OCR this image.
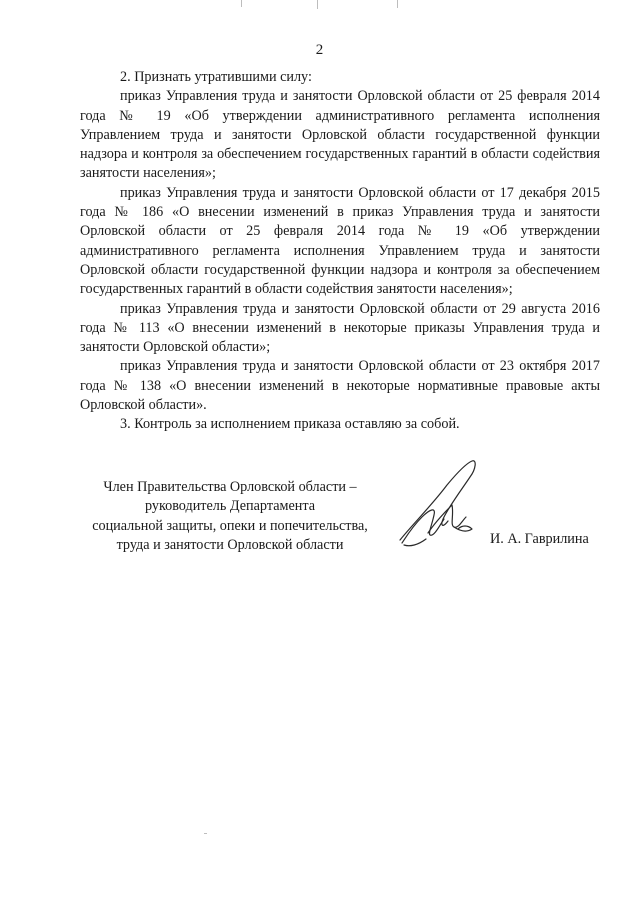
2

2. Признать утратившими силу:

приказ Управления труда и занятости Орловской области от 25 февраля 2014 года № 19 «Об утверждении административного регламента исполнения Управлением труда и занятости Орловской области государственной функции надзора и контроля за обеспечением государственных гарантий в области содействия занятости населения»;

приказ Управления труда и занятости Орловской области от 17 декабря 2015 года № 186 «О внесении изменений в приказ Управления труда и занятости Орловской области от 25 февраля 2014 года № 19 «Об утверждении административного регламента исполнения Управлением труда и занятости Орловской области государственной функции надзора и контроля за обеспечением государственных гарантий в области содействия занятости населения»;

приказ Управления труда и занятости Орловской области от 29 августа 2016 года № 113 «О внесении изменений в некоторые приказы Управления труда и занятости Орловской области»;

приказ Управления труда и занятости Орловской области от 23 октября 2017 года № 138 «О внесении изменений в некоторые нормативные правовые акты Орловской области».

3. Контроль за исполнением приказа оставляю за собой.

Член Правительства Орловской области –
руководитель Департамента
социальной защиты, опеки и попечительства,
труда и занятости Орловской области	И. А. Гаврилина
